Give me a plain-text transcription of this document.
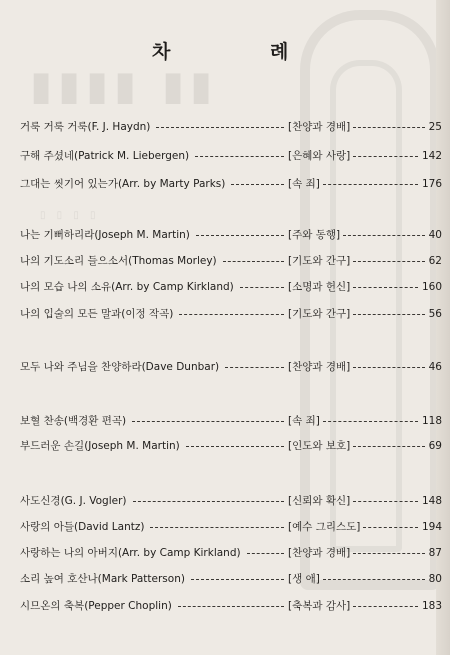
▮▮▮▮ ▮▮
▯ ▯ ▯ ▯
차	례
거룩 거룩 거룩(F. J. Haydn)	[찬양과 경배]	25
구해 주셨네(Patrick M. Liebergen)	[은혜와 사랑]	142
그대는 씻기어 있는가(Arr. by Marty Parks)	[속 죄]	176
나는 기뻐하리라(Joseph M. Martin)	[주와 동행]	40
나의 기도소리 들으소서(Thomas Morley)	[기도와 간구]	62
나의 모습 나의 소유(Arr. by Camp Kirkland)	[소명과 헌신]	160
나의 입술의 모든 말과(이정 작곡)	[기도와 간구]	56
모두 나와 주님을 찬양하라(Dave Dunbar)	[찬양과 경배]	46
보혈 찬송(백경환 편곡)	[속 죄]	118
부드러운 손길(Joseph M. Martin)	[인도와 보호]	69
사도신경(G. J. Vogler)	[신뢰와 확신]	148
사랑의 아들(David Lantz)	[예수 그리스도]	194
사랑하는 나의 아버지(Arr. by Camp Kirkland)	[찬양과 경배]	87
소리 높여 호산나(Mark Patterson)	[생 애]	80
시므온의 축복(Pepper Choplin)	[축복과 감사]	183
